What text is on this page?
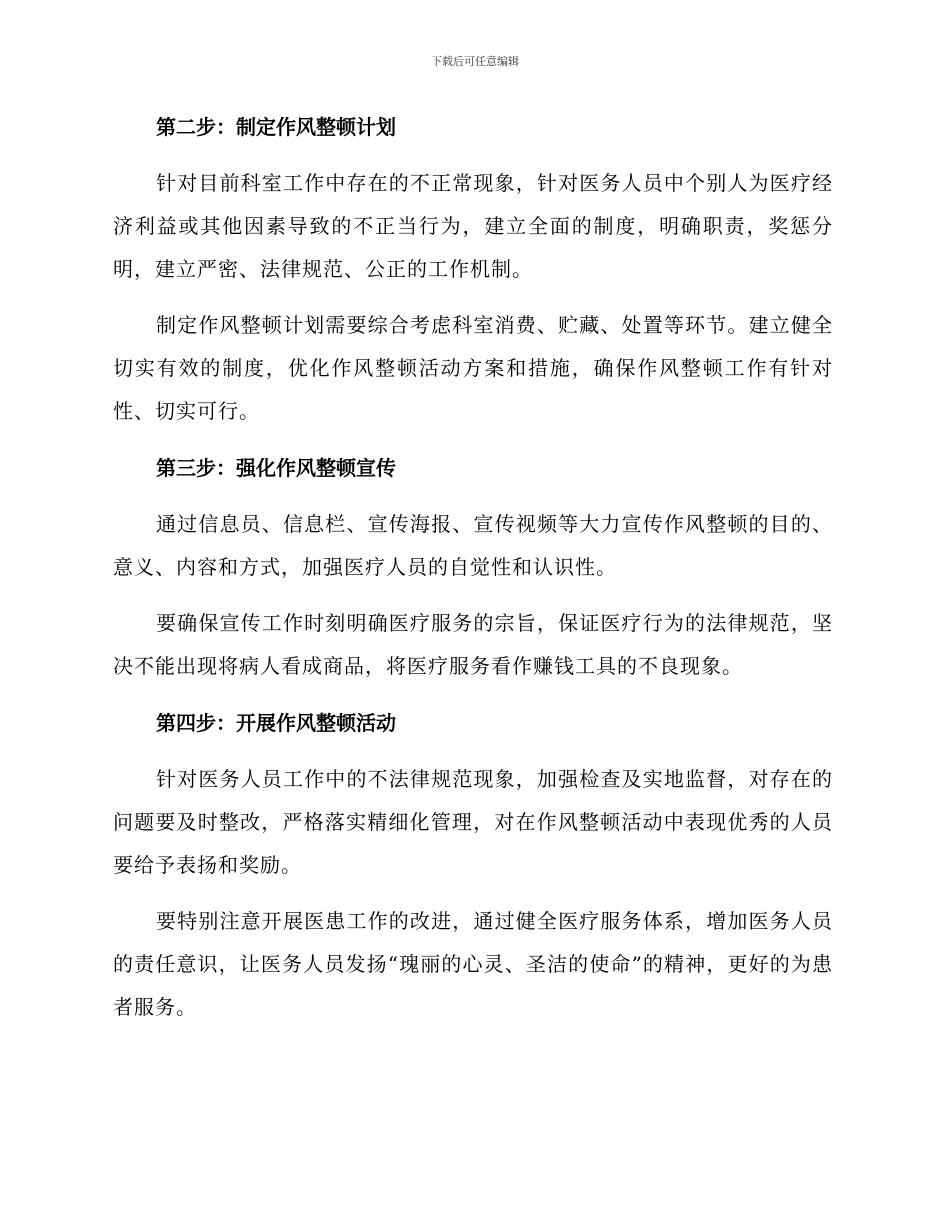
下载后可任意编辑
第二步：制定作风整顿计划

针对目前科室工作中存在的不正常现象，针对医务人员中个别人为医疗经济利益或其他因素导致的不正当行为，建立全面的制度，明确职责，奖惩分明，建立严密、法律规范、公正的工作机制。

制定作风整顿计划需要综合考虑科室消费、贮藏、处置等环节。建立健全切实有效的制度，优化作风整顿活动方案和措施，确保作风整顿工作有针对性、切实可行。

第三步：强化作风整顿宣传

通过信息员、信息栏、宣传海报、宣传视频等大力宣传作风整顿的目的、意义、内容和方式，加强医疗人员的自觉性和认识性。

要确保宣传工作时刻明确医疗服务的宗旨，保证医疗行为的法律规范，坚决不能出现将病人看成商品，将医疗服务看作赚钱工具的不良现象。

第四步：开展作风整顿活动

针对医务人员工作中的不法律规范现象，加强检查及实地监督，对存在的问题要及时整改，严格落实精细化管理，对在作风整顿活动中表现优秀的人员要给予表扬和奖励。

要特别注意开展医患工作的改进，通过健全医疗服务体系，增加医务人员的责任意识，让医务人员发扬“瑰丽的心灵、圣洁的使命”的精神，更好的为患者服务。
